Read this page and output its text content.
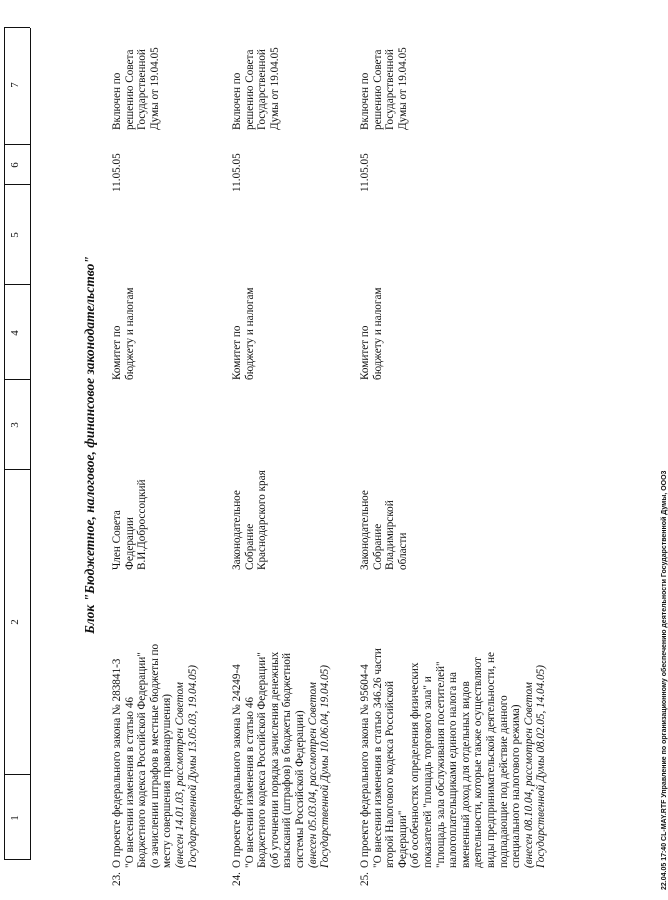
1
2
3
4
5
6
7
Блок "Бюджетное, налоговое, финансовое законодательство"
23.
О проекте федерального закона № 283841-3 "О внесении изменения в статью 46 Бюджетного кодекса Российской Федерации" (о зачислении штрафов в местные бюджеты по месту совершения правонарушения) (внесен 14.01.03, рассмотрен Советом Государственной Думы 13.05.03, 19.04.05)
Член Совета Федерации В.И.Доброссоцкий
Комитет по бюджету и налогам
11.05.05
Включен по решению Совета Государственной Думы от 19.04.05
24.
О проекте федерального закона № 24249-4 "О внесении изменения в статью 46 Бюджетного кодекса Российской Федерации" (об уточнении порядка зачисления денежных взысканий (штрафов) в бюджеты бюджетной системы Российской Федерации) (внесен 05.03.04, рассмотрен Советом Государственной Думы 10.06.04, 19.04.05)
Законодательное Собрание Краснодарского края
Комитет по бюджету и налогам
11.05.05
Включен по решению Совета Государственной Думы от 19.04.05
25.
О проекте федерального закона № 95604-4 "О внесении изменения в статью 346.26 части второй Налогового кодекса Российской Федерации" (об особенностях определения физических показателей "площадь торгового зала" и "площадь зала обслуживания посетителей" налогоплательщиками единого налога на вмененный доход для отдельных видов деятельности, которые также осуществляют виды предпринимательской деятельности, не подпадающие под действие данного специального налогового режима) (внесен 08.10.04, рассмотрен Советом Государственной Думы 08.02.05, 14.04.05)
Законодательное Собрание Владимирской области
Комитет по бюджету и налогам
11.05.05
Включен по решению Совета Государственной Думы от 19.04.05
22.04.05 17:40 CL-MAY.RTF Управление по организационному обеспечению деятельности Государственной Думы, ООО3
